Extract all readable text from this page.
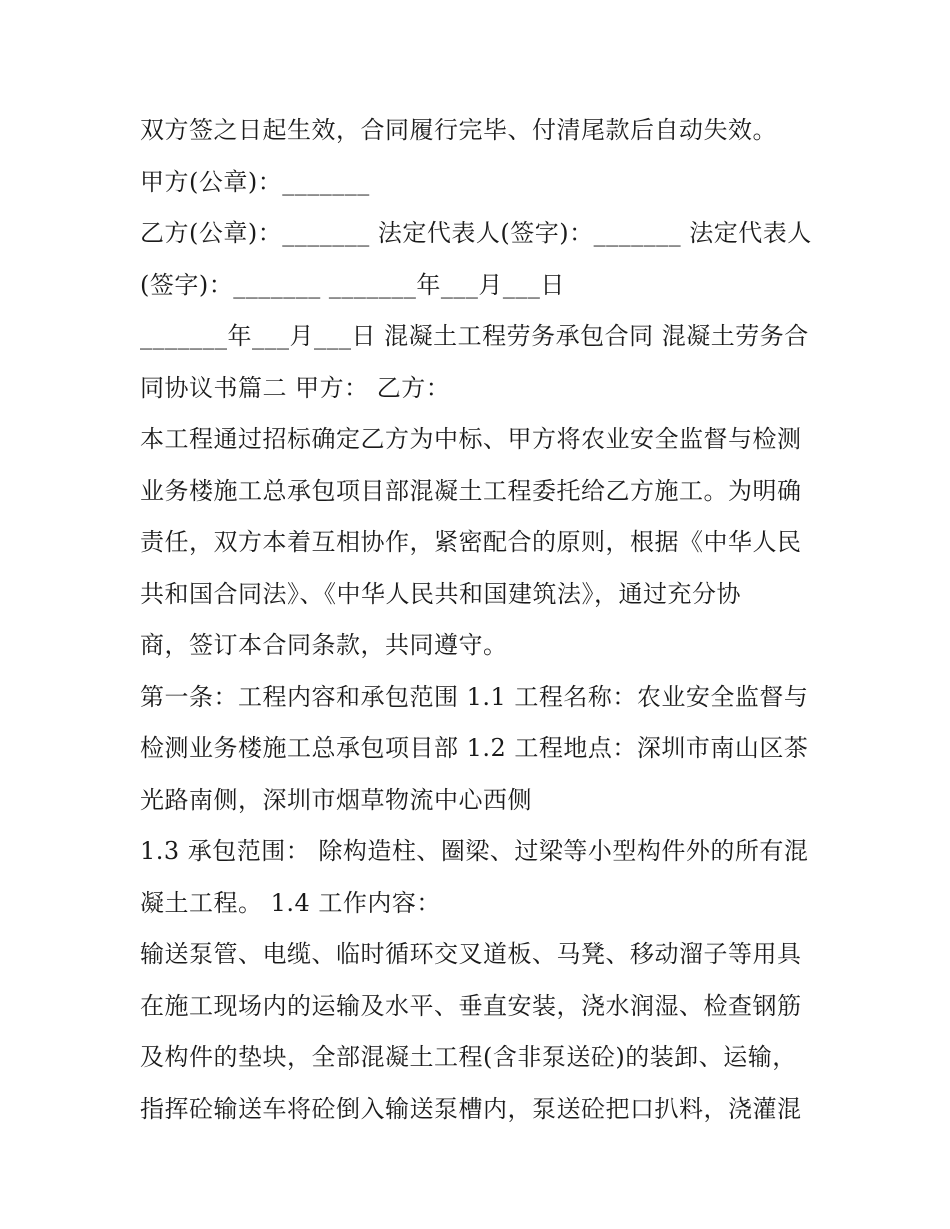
双方签之日起生效，合同履行完毕、付清尾款后自动失效。
甲方(公章)：_______
乙方(公章)：_______ 法定代表人(签字)：_______ 法定代表人
(签字)：_______ _______年___月___日
_______年___月___日 混凝土工程劳务承包合同 混凝土劳务合
同协议书篇二 甲方： 乙方：
本工程通过招标确定乙方为中标、甲方将农业安全监督与检测
业务楼施工总承包项目部混凝土工程委托给乙方施工。为明确
责任，双方本着互相协作，紧密配合的原则，根据《中华人民
共和国合同法》、《中华人民共和国建筑法》，通过充分协
商，签订本合同条款，共同遵守。
第一条：工程内容和承包范围 1.1 工程名称：农业安全监督与
检测业务楼施工总承包项目部 1.2 工程地点：深圳市南山区茶
光路南侧，深圳市烟草物流中心西侧
1.3 承包范围： 除构造柱、圈梁、过梁等小型构件外的所有混
凝土工程。 1.4 工作内容：
输送泵管、电缆、临时循环交叉道板、马凳、移动溜子等用具
在施工现场内的运输及水平、垂直安装，浇水润湿、检查钢筋
及构件的垫块，全部混凝土工程(含非泵送砼)的装卸、运输，
指挥砼输送车将砼倒入输送泵槽内，泵送砼把口扒料，浇灌混
